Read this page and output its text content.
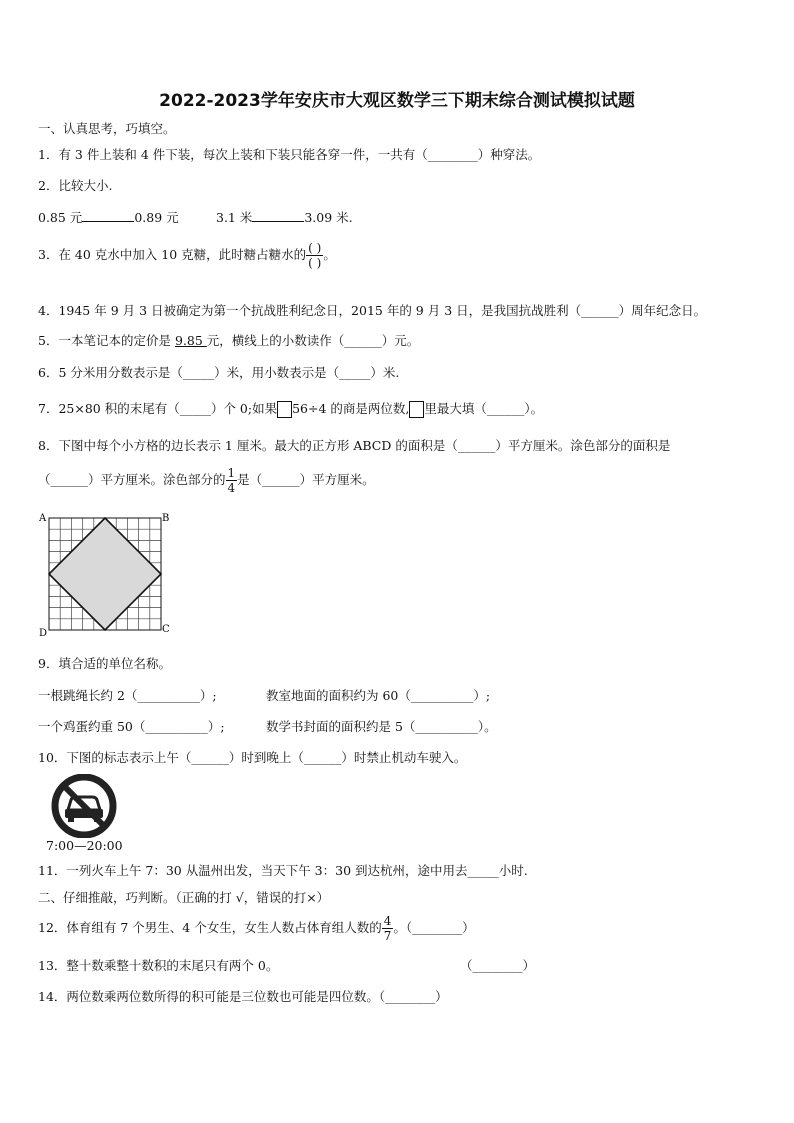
2022-2023学年安庆市大观区数学三下期末综合测试模拟试题
一、认真思考，巧填空。
1．有 3 件上装和 4 件下装，每次上装和下装只能各穿一件，一共有（________）种穿法。
2．比较大小.
0.85 元	0.89 元	3.1 米	3.09 米.
3．在 40 克水中加入 10 克糖，此时糖占糖水的 $\frac{( )}{( )}$ 。
4．1945 年 9 月 3 日被确定为第一个抗战胜利纪念日，2015 年的 9 月 3 日，是我国抗战胜利（______）周年纪念日。
5．一本笔记本的定价是 9.85 元，横线上的小数读作（______）元。
6．5 分米用分数表示是（_____）米，用小数表示是（_____）米.
7．25×80 积的末尾有（_____）个 0;如果 56÷4 的商是两位数, 里最大填（______）。
8．下图中每个小方格的边长表示 1 厘米。最大的正方形 ABCD 的面积是（______）平方厘米。涂色部分的面积是
（______）平方厘米。涂色部分的 $\frac{1}{4}$ 是（______）平方厘米。
A	B
C
D
9．填合适的单位名称。
一根跳绳长约 2（__________）;	教室地面的面积约为 60（__________）;
一个鸡蛋约重 50（__________）;	数学书封面的面积约是 5（__________）。
10．下图的标志表示上午（______）时到晚上（______）时禁止机动车驶入。
7:00—20:00
11．一列火车上午 7：30 从温州出发，当天下午 3：30 到达杭州，途中用去_____小时.
二、仔细推敲，巧判断。（正确的打 √，错误的打×）
12．体育组有 7 个男生、4 个女生，女生人数占体育组人数的 $\frac{4}{7}$ 。（________）
13．整十数乘整十数积的末尾只有两个 0。	（________）
14．两位数乘两位数所得的积可能是三位数也可能是四位数。（________）
